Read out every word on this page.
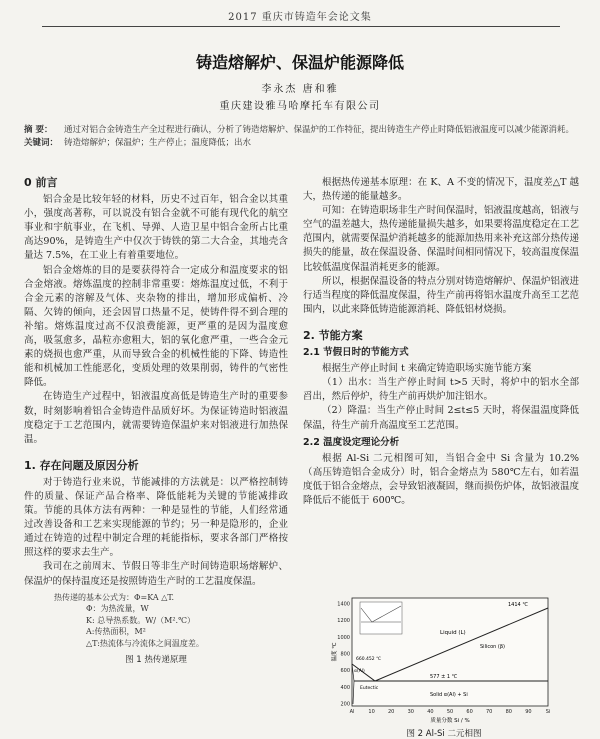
2017 重庆市铸造年会论文集
铸造熔解炉、保温炉能源降低
李永杰 唐和雅
重庆建设雅马哈摩托车有限公司
摘 要：	通过对铝合金铸造生产全过程进行确认，分析了铸造熔解炉、保温炉的工作特征，提出铸造生产停止时降低铝液温度可以减少能源消耗。
关键词： 铸造熔解炉；保温炉；生产停止；温度降低；出水
0 前言

铝合金是比较年轻的材料，历史不过百年，铝合金以其重小，强度高著称，可以说没有铝合金就不可能有现代化的航空事业和宇航事业，在飞机、导弹、人造卫星中铝合金所占比重高达90%，是铸造生产中仅次于铸铁的第二大合金，其地壳含量达 7.5%，在工业上有着重要地位。

铝合金熔炼的目的是要获得符合一定成分和温度要求的铝合金熔液。熔炼温度的控制非常重要：熔炼温度过低，不利于合金元素的溶解及气体、夹杂物的排出，增加形成偏析、冷隔、欠铸的倾向，还会因冒口热量不足，使铸件得不到合理的补缩。熔炼温度过高不仅浪费能源，更严重的是因为温度愈高，吸氢愈多，晶粒亦愈粗大，铝的氧化愈严重，一些合金元素的烧损也愈严重，从而导致合金的机械性能的下降、铸造性能和机械加工性能恶化，变质处理的效果削弱，铸件的气密性降低。

在铸造生产过程中，铝液温度高低是铸造生产时的重要参数，时刻影响着铝合金铸造件品质好坏。为保证铸造时铝液温度稳定于工艺范围内，就需要铸造保温炉来对铝液进行加热保温。

1. 存在问题及原因分析

对于铸造行业来说，节能减排的方法就是：以严格控制铸件的质量、保证产品合格率、降低能耗为关键的节能减排政策。节能的具体方法有两种：一种是显性的节能，人们经常通过改善设备和工艺来实现能源的节约；另一种是隐形的，企业通过在铸造的过程中制定合理的耗能指标，要求各部门严格按照这样的要求去生产。

我司在之前周末、节假日等非生产时间铸造职场熔解炉、保温炉的保持温度还是按照铸造生产时的工艺温度保温。

热传递的基本公式为：Φ=KA △T.
Φ：为热流量，W
K: 总导热系数。W/（M².℃）
A:传热面积，M²
△T:热流体与冷流体之间温度差。
图 1 热传递原理

根据热传递基本原理：在 K、A 不变的情况下，温度差△T 越大，热传递的能量越多。

可知：在铸造职场非生产时间保温时，铝液温度越高，铝液与空气的温差越大，热传递能量损失越多，如果要将温度稳定在工艺范围内，就需要保温炉消耗越多的能源加热用来补充这部分热传递损失的能量，故在保温设备、保温时间相同情况下，较高温度保温比较低温度保温消耗更多的能源。

所以，根据保温设备的特点分别对铸造熔解炉、保温炉铝液进行适当程度的降低温度保温，待生产前再将铝水温度升高至工艺范围内，以此来降低铸造能源消耗、降低铝材烧损。

2. 节能方案
2.1 节假日时的节能方式

根据生产停止时间 t 来确定铸造职场实施节能方案

（1）出水：当生产停止时间 t>5 天时，将炉中的铝水全部舀出，然后停炉，待生产前再烘炉加注铝水。

（2）降温：当生产停止时间 2≤t≤5 天时，将保温温度降低保温，待生产前升高温度至工艺范围。

2.2 温度设定理论分析

根据 Al-Si 二元相图可知，当铝合金中 Si 含量为 10.2%（高压铸造铝合金成分）时，铝合金熔点为 580℃左右，如若温度低于铝合金熔点，会导致铝液凝固，继而损伤炉体，故铝液温度降低后不能低于 600℃。

1400
1200
1000
800
600
400
200
Al	10	20	30	40	50	60	70	80	90	Si
温度 ℃
质量分数 Si / %
Liquid (L)
Silicon (β)
1414 ℃
660.452 ℃
577 ± 1 ℃
Eutectic
α(Al)
Solid α(Al) + Si
图 2 Al-Si 二元相图
